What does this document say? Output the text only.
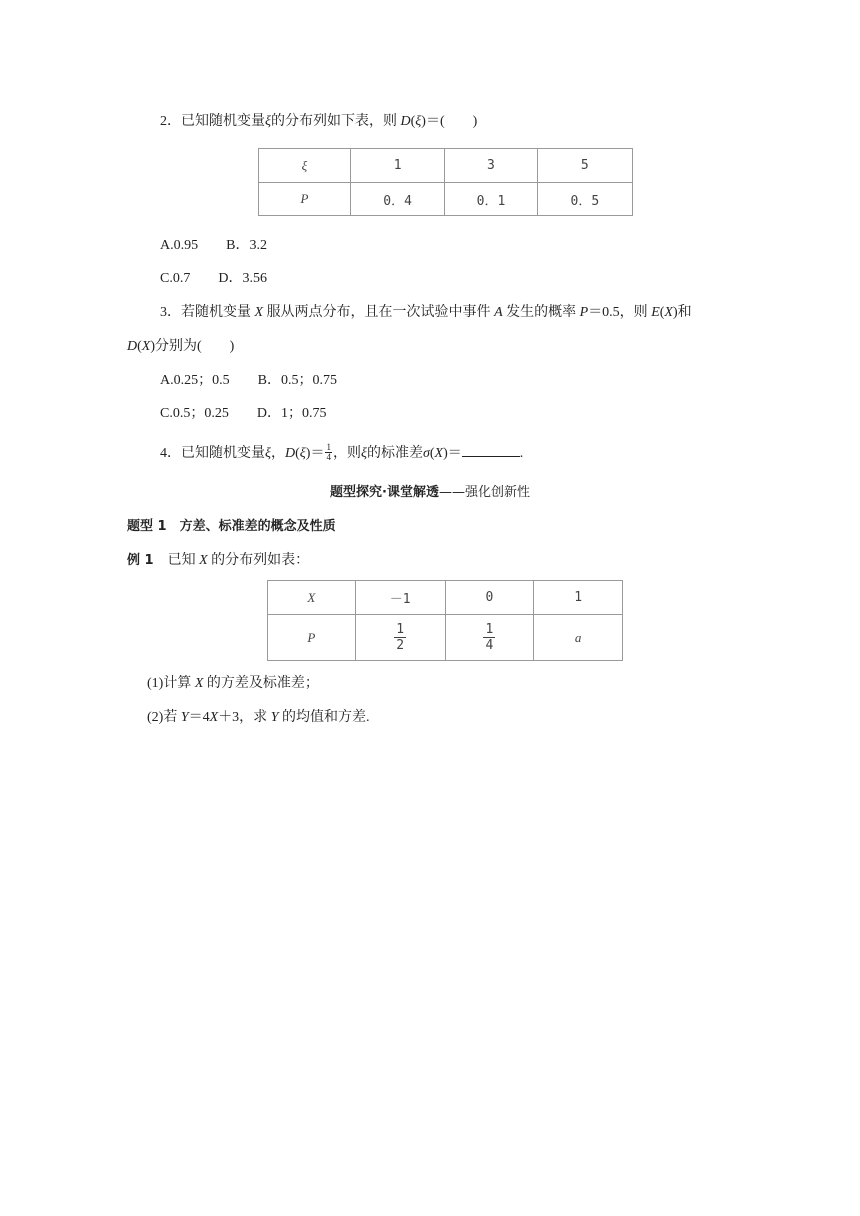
2．已知随机变量ξ的分布列如下表，则 D(ξ)＝(　　)
ξ	1	3	5
P	0．4	0．1	0．5
A.0.95　　B．3.2
C.0.7　　D．3.56
3．若随机变量 X 服从两点分布，且在一次试验中事件 A 发生的概率 P＝0.5，则 E(X)和
D(X)分别为(　　)
A.0.25；0.5　　B．0.5；0.75
C.0.5；0.25　　D．1；0.75
4．已知随机变量ξ，$D(\xi)= \frac{1}{4}$ ，则ξ的标准差σ(X)＝	.
题型探究·课堂解透——强化创新性
题型 1　方差、标准差的概念及性质
例 1　已知 X 的分布列如表：
X	－1	0	1
P	$\frac{1}{2}$	$\frac{1}{4}$	a
(1)计算 X 的方差及标准差；
(2)若 Y＝4X＋3，求 Y 的均值和方差.
